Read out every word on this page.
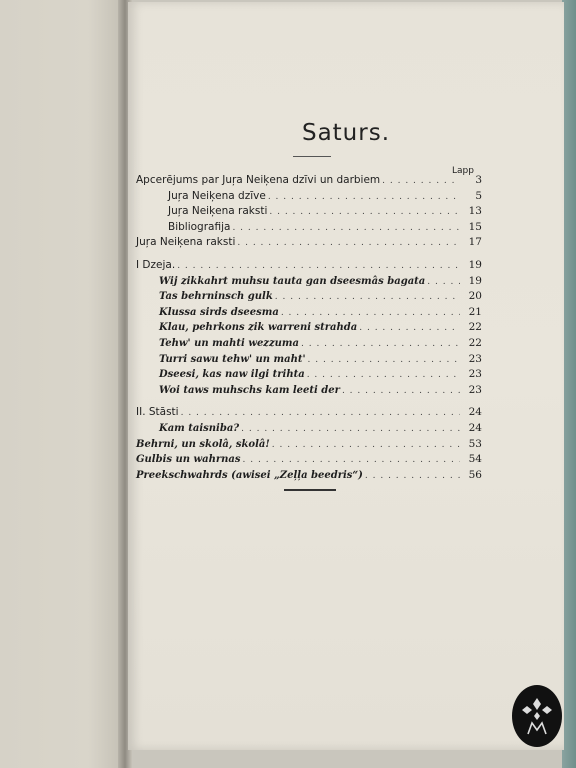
Saturs.
Lapp
Apcerējums par Juŗa Neiķena dzīvi un darbiem . . .	3
Juŗa Neiķena dzīve . . .	5
Juŗa Neiķena raksti . . .	13
Bibliografija . . .	15
Juŗa Neiķena raksti . . .	17
I Dzeja. . . .	19
Wij zikkahrt muhsu tauta gan dseesmâs bagata . . .	19
Tas behrninsch gulk . . .	20
Klussa sirds dseesma . . .	21
Klau, pehrkons zik warreni strahda . . .	22
Tehw' un mahti wezzuma . . .	22
Turri sawu tehw' un maht' . . .	23
Dseesi, kas naw ilgi trihta . . .	23
Woi taws muhschs kam leeti der . . .	23
II. Stāsti . . .	24
Kam taisniba? . . .	24
Behrni, un skolâ, skolâ! . . .	53
Gulbis un wahrnas . . .	54
Preekschwahrds (awisei „Zeļļa beedris“) . . .	56
